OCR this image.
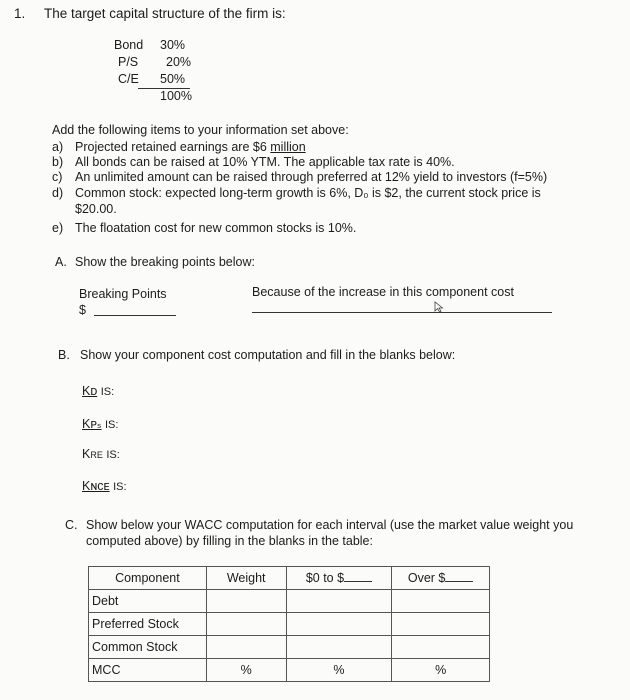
1. The target capital structure of the firm is:
Bond 30%
P/S 20%
C/E 50%
100%
Add the following items to your information set above:
a) Projected retained earnings are $6 million
b) All bonds can be raised at 10% YTM. The applicable tax rate is 40%.
c) An unlimited amount can be raised through preferred at 12% yield to investors (f=5%)
d) Common stock: expected long-term growth is 6%, D₀ is $2, the current stock price is
$20.00.
e) The floatation cost for new common stocks is 10%.
A. Show the breaking points below:
Breaking Points
$
Because of the increase in this component cost
B. Show your component cost computation and fill in the blanks below:
Kᴅ IS:
Kᴘₛ IS:
Kre IS:
Kɴᴄᴇ IS:
C. Show below your WACC computation for each interval (use the market value weight you
computed above) by filling in the blanks in the table:
Component	Weight	$0 to $	Over $
Debt			
Preferred Stock			
Common Stock			
MCC	%	%	%
